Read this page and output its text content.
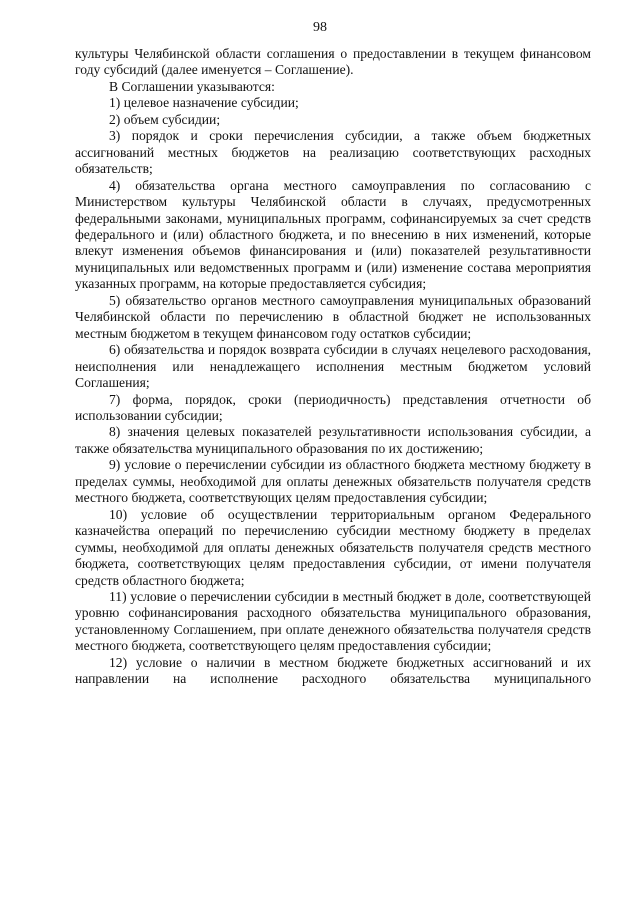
98

культуры Челябинской области соглашения о предоставлении в текущем финансовом году субсидий (далее именуется – Соглашение).

В Соглашении указываются:

1) целевое назначение субсидии;

2) объем субсидии;

3) порядок и сроки перечисления субсидии, а также объем бюджетных ассигнований местных бюджетов на реализацию соответствующих расходных обязательств;

4) обязательства органа местного самоуправления по согласованию с Министерством культуры Челябинской области в случаях, предусмотренных федеральными законами, муниципальных программ, софинансируемых за счет средств федерального и (или) областного бюджета, и по внесению в них изменений, которые влекут изменения объемов финансирования и (или) показателей результативности муниципальных или ведомственных программ и (или) изменение состава мероприятия указанных программ, на которые предоставляется субсидия;

5) обязательство органов местного самоуправления муниципальных образований Челябинской области по перечислению в областной бюджет не использованных местным бюджетом в текущем финансовом году остатков субсидии;

6) обязательства и порядок возврата субсидии в случаях нецелевого расходования, неисполнения или ненадлежащего исполнения местным бюджетом условий Соглашения;

7) форма, порядок, сроки (периодичность) представления отчетности об использовании субсидии;

8) значения целевых показателей результативности использования субсидии, а также обязательства муниципального образования по их достижению;

9) условие о перечислении субсидии из областного бюджета местному бюджету в пределах суммы, необходимой для оплаты денежных обязательств получателя средств местного бюджета, соответствующих целям предоставления субсидии;

10) условие об осуществлении территориальным органом Федерального казначейства операций по перечислению субсидии местному бюджету в пределах суммы, необходимой для оплаты денежных обязательств получателя средств местного бюджета, соответствующих целям предоставления субсидии, от имени получателя средств областного бюджета;

11) условие о перечислении субсидии в местный бюджет в доле, соответствующей уровню софинансирования расходного обязательства муниципального образования, установленному Соглашением, при оплате денежного обязательства получателя средств местного бюджета, соответствующего целям предоставления субсидии;

12) условие о наличии в местном бюджете бюджетных ассигнований и их направлении на исполнение расходного обязательства муниципального
